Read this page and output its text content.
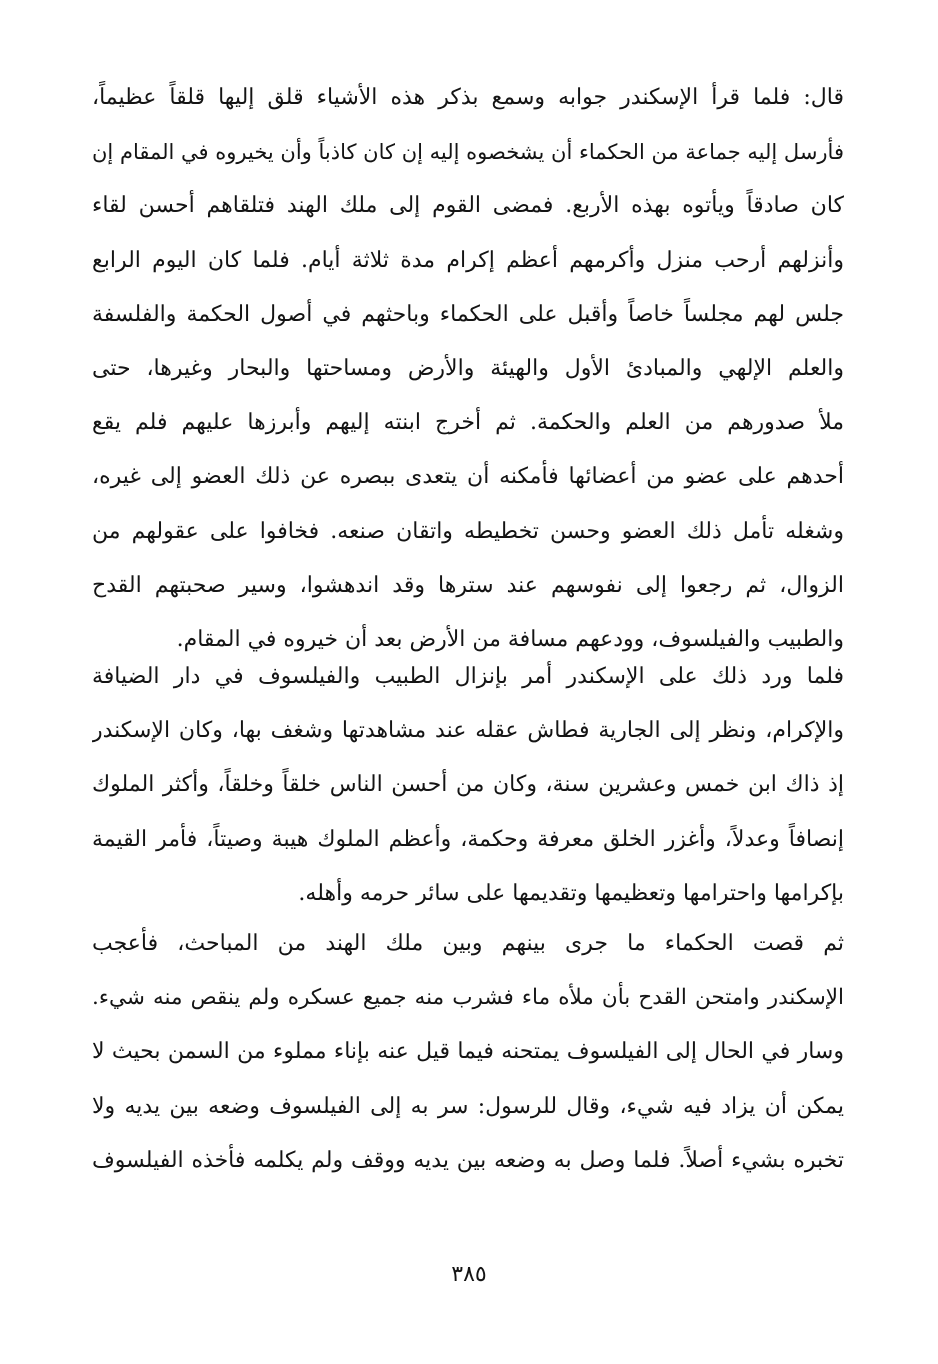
قال: فلما قرأ الإسكندر جوابه وسمع بذكر هذه الأشياء قلق إليها قلقاً عظيماً،
فأرسل إليه جماعة من الحكماء أن يشخصوه إليه إن كان كاذباً وأن يخيروه في المقام إن
كان صادقاً ويأتوه بهذه الأربع. فمضى القوم إلى ملك الهند فتلقاهم أحسن لقاء
وأنزلهم أرحب منزل وأكرمهم أعظم إكرام مدة ثلاثة أيام. فلما كان اليوم الرابع
جلس لهم مجلساً خاصاً وأقبل على الحكماء وباحثهم في أصول الحكمة والفلسفة
والعلم الإلهي والمبادئ الأول والهيئة والأرض ومساحتها والبحار وغيرها، حتى
ملأ صدورهم من العلم والحكمة. ثم أخرج ابنته إليهم وأبرزها عليهم فلم يقع
أحدهم على عضو من أعضائها فأمكنه أن يتعدى ببصره عن ذلك العضو إلى غيره،
وشغله تأمل ذلك العضو وحسن تخطيطه واتقان صنعه. فخافوا على عقولهم من
الزوال، ثم رجعوا إلى نفوسهم عند سترها وقد اندهشوا، وسير صحبتهم القدح
والطبيب والفيلسوف، وودعهم مسافة من الأرض بعد أن خيروه في المقام.
فلما ورد ذلك على الإسكندر أمر بإنزال الطبيب والفيلسوف في دار الضيافة
والإكرام، ونظر إلى الجارية فطاش عقله عند مشاهدتها وشغف بها، وكان الإسكندر
إذ ذاك ابن خمس وعشرين سنة، وكان من أحسن الناس خلقاً وخلقاً، وأكثر الملوك
إنصافاً وعدلاً، وأغزر الخلق معرفة وحكمة، وأعظم الملوك هيبة وصيتاً، فأمر القيمة
بإكرامها واحترامها وتعظيمها وتقديمها على سائر حرمه وأهله.
ثم قصت الحكماء ما جرى بينهم وبين ملك الهند من المباحث، فأعجب
الإسكندر وامتحن القدح بأن ملأه ماء فشرب منه جميع عسكره ولم ينقص منه شيء.
وسار في الحال إلى الفيلسوف يمتحنه فيما قيل عنه بإناء مملوء من السمن بحيث لا
يمكن أن يزاد فيه شيء، وقال للرسول: سر به إلى الفيلسوف وضعه بين يديه ولا
تخبره بشيء أصلاً. فلما وصل به وضعه بين يديه ووقف ولم يكلمه فأخذه الفيلسوف
٣٨٥
